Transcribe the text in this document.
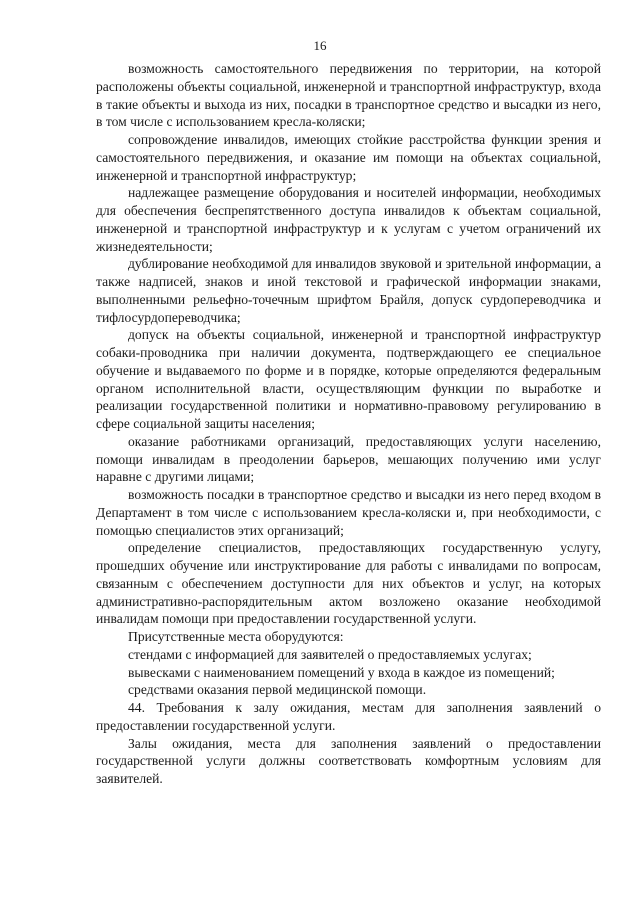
16

возможность самостоятельного передвижения по территории, на которой расположены объекты социальной, инженерной и транспортной инфраструктур, входа в такие объекты и выхода из них, посадки в транспортное средство и высадки из него, в том числе с использованием кресла-коляски;

сопровождение инвалидов, имеющих стойкие расстройства функции зрения и самостоятельного передвижения, и оказание им помощи на объектах социальной, инженерной и транспортной инфраструктур;

надлежащее размещение оборудования и носителей информации, необходимых для обеспечения беспрепятственного доступа инвалидов к объектам социальной, инженерной и транспортной инфраструктур и к услугам с учетом ограничений их жизнедеятельности;

дублирование необходимой для инвалидов звуковой и зрительной информации, а также надписей, знаков и иной текстовой и графической информации знаками, выполненными рельефно-точечным шрифтом Брайля, допуск сурдопереводчика и тифлосурдопереводчика;

допуск на объекты социальной, инженерной и транспортной инфраструктур собаки-проводника при наличии документа, подтверждающего ее специальное обучение и выдаваемого по форме и в порядке, которые определяются федеральным органом исполнительной власти, осуществляющим функции по выработке и реализации государственной политики и нормативно-правовому регулированию в сфере социальной защиты населения;

оказание работниками организаций, предоставляющих услуги населению, помощи инвалидам в преодолении барьеров, мешающих получению ими услуг наравне с другими лицами;

возможность посадки в транспортное средство и высадки из него перед входом в Департамент в том числе с использованием кресла-коляски и, при необходимости, с помощью специалистов этих организаций;

определение специалистов, предоставляющих государственную услугу, прошедших обучение или инструктирование для работы с инвалидами по вопросам, связанным с обеспечением доступности для них объектов и услуг, на которых административно-распорядительным актом возложено оказание необходимой инвалидам помощи при предоставлении государственной услуги.

Присутственные места оборудуются:

стендами с информацией для заявителей о предоставляемых услугах;

вывесками с наименованием помещений у входа в каждое из помещений;

средствами оказания первой медицинской помощи.

44. Требования к залу ожидания, местам для заполнения заявлений о предоставлении государственной услуги.

Залы ожидания, места для заполнения заявлений о предоставлении государственной услуги должны соответствовать комфортным условиям для заявителей.
